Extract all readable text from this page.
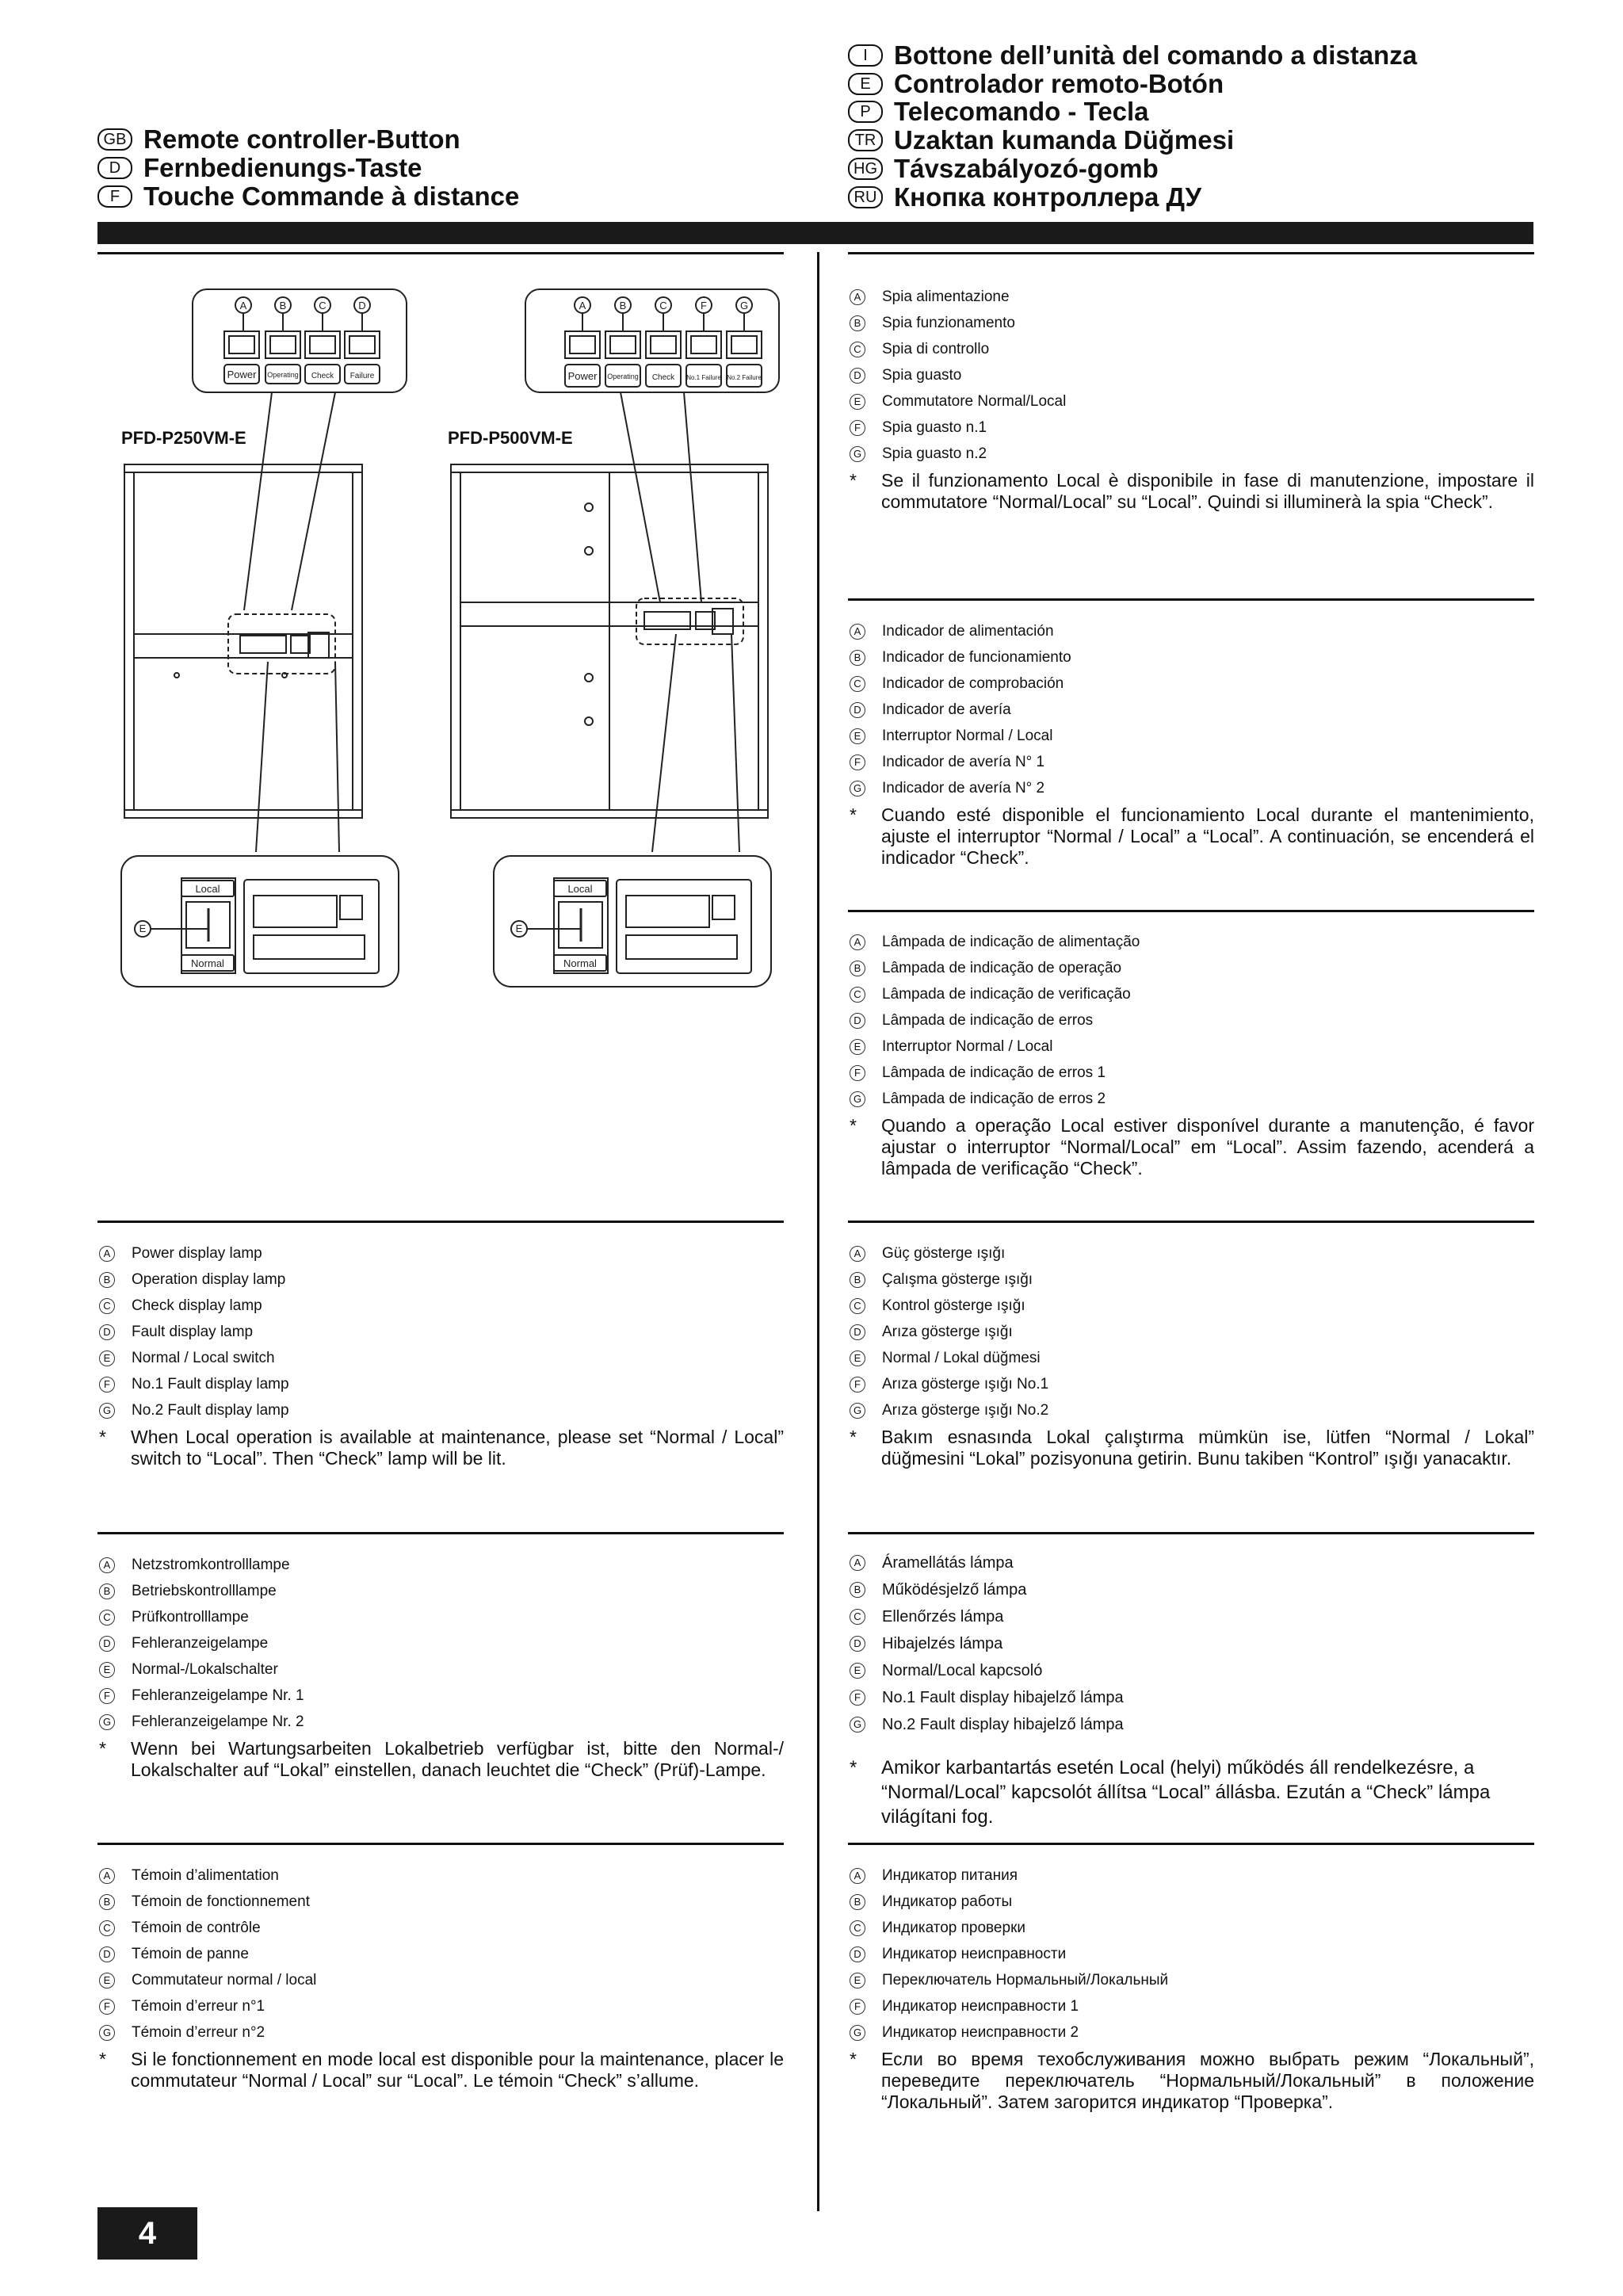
GB Remote controller-Button
D Fernbedienungs-Taste
F Touche Commande à distance
I	Bottone dell’unità del comando a distanza
E Controlador remoto-Botón
P Telecomando - Tecla
TR Uzaktan kumanda Düğmesi
HG Távszabályozó-gomb
RU Кнопка контроллера ДУ
PFD-P250VM-E	PFD-P500VM-E
A	B	C	D
Power Operating Check Failure
A	B	C	F	G
Power Operating Check No.1 Failure No.2 Failure
Local
Normal
E
Local
Normal
E
A Spia alimentazione
B Spia funzionamento
C Spia di controllo
D Spia guasto
E Commutatore Normal/Local
F	Spia guasto n.1
G Spia guasto n.2
*	Se il funzionamento Local è disponibile in fase di manutenzione, impostare il commutatore “Normal/Local” su “Local”. Quindi si illuminerà la spia “Check”.
A Indicador de alimentación
B Indicador de funcionamiento
C Indicador de comprobación
D Indicador de avería
E Interruptor Normal / Local
F	Indicador de avería N° 1
G Indicador de avería N° 2
*	Cuando esté disponible el funcionamiento Local durante el mantenimiento, ajuste el interruptor “Normal / Local” a “Local”. A continuación, se encenderá el indicador “Check”.
A Lâmpada de indicação de alimentação
B Lâmpada de indicação de operação
C Lâmpada de indicação de verificação
D Lâmpada de indicação de erros
E Interruptor Normal / Local
F	Lâmpada de indicação de erros 1
G Lâmpada de indicação de erros 2
*	Quando a operação Local estiver disponível durante a manutenção, é favor ajustar o interruptor “Normal/Local” em “Local”. Assim fazendo, acenderá a lâmpada de verificação “Check”.
A Power display lamp
B Operation display lamp
C Check display lamp
D Fault display lamp
E Normal / Local switch
F	No.1 Fault display lamp
G No.2 Fault display lamp
*	When Local operation is available at maintenance, please set “Normal / Local” switch to “Local”. Then “Check” lamp will be lit.
A Güç gösterge ışığı
B Çalışma gösterge ışığı
C Kontrol gösterge ışığı
D Arıza gösterge ışığı
E Normal / Lokal düğmesi
F	Arıza gösterge ışığı No.1
G Arıza gösterge ışığı No.2
*	Bakım esnasında Lokal çalıştırma mümkün ise, lütfen “Normal / Lokal” düğmesini “Lokal” pozisyonuna getirin. Bunu takiben “Kontrol” ışığı yanacaktır.
A Netzstromkontrolllampe
B Betriebskontrolllampe
C Prüfkontrolllampe
D Fehleranzeigelampe
E Normal-/Lokalschalter
F	Fehleranzeigelampe Nr. 1
G Fehleranzeigelampe Nr. 2
*	Wenn bei Wartungsarbeiten Lokalbetrieb verfügbar ist, bitte den Normal-/ Lokalschalter auf “Lokal” einstellen, danach leuchtet die “Check” (Prüf)-Lampe.
A Áramellátás lámpa
B Működésjelző lámpa
C Ellenőrzés lámpa
D Hibajelzés lámpa
E Normal/Local kapcsoló
F	No.1 Fault display hibajelző lámpa
G No.2 Fault display hibajelző lámpa
*	Amikor karbantartás esetén Local (helyi) működés áll rendelkezésre, a “Normal/Local” kapcsolót állítsa “Local” állásba. Ezután a “Check” lámpa világítani fog.
A Témoin d’alimentation
B Témoin de fonctionnement
C Témoin de contrôle
D Témoin de panne
E Commutateur normal / local
F	Témoin d’erreur n°1
G Témoin d’erreur n°2
*	Si le fonctionnement en mode local est disponible pour la maintenance, placer le commutateur “Normal / Local” sur “Local”. Le témoin “Check” s’allume.
A Индикатор питания
B Индикатор работы
C Индикатор проверки
D Индикатор неисправности
E Переключатель Нормальный/Локальный
F	Индикатор неисправности 1
G Индикатор неисправности 2
*	Если во время техобслуживания можно выбрать режим “Локальный”, переведите переключатель “Нормальный/Локальный” в положение “Локальный”. Затем загорится индикатор “Проверка”.
4
